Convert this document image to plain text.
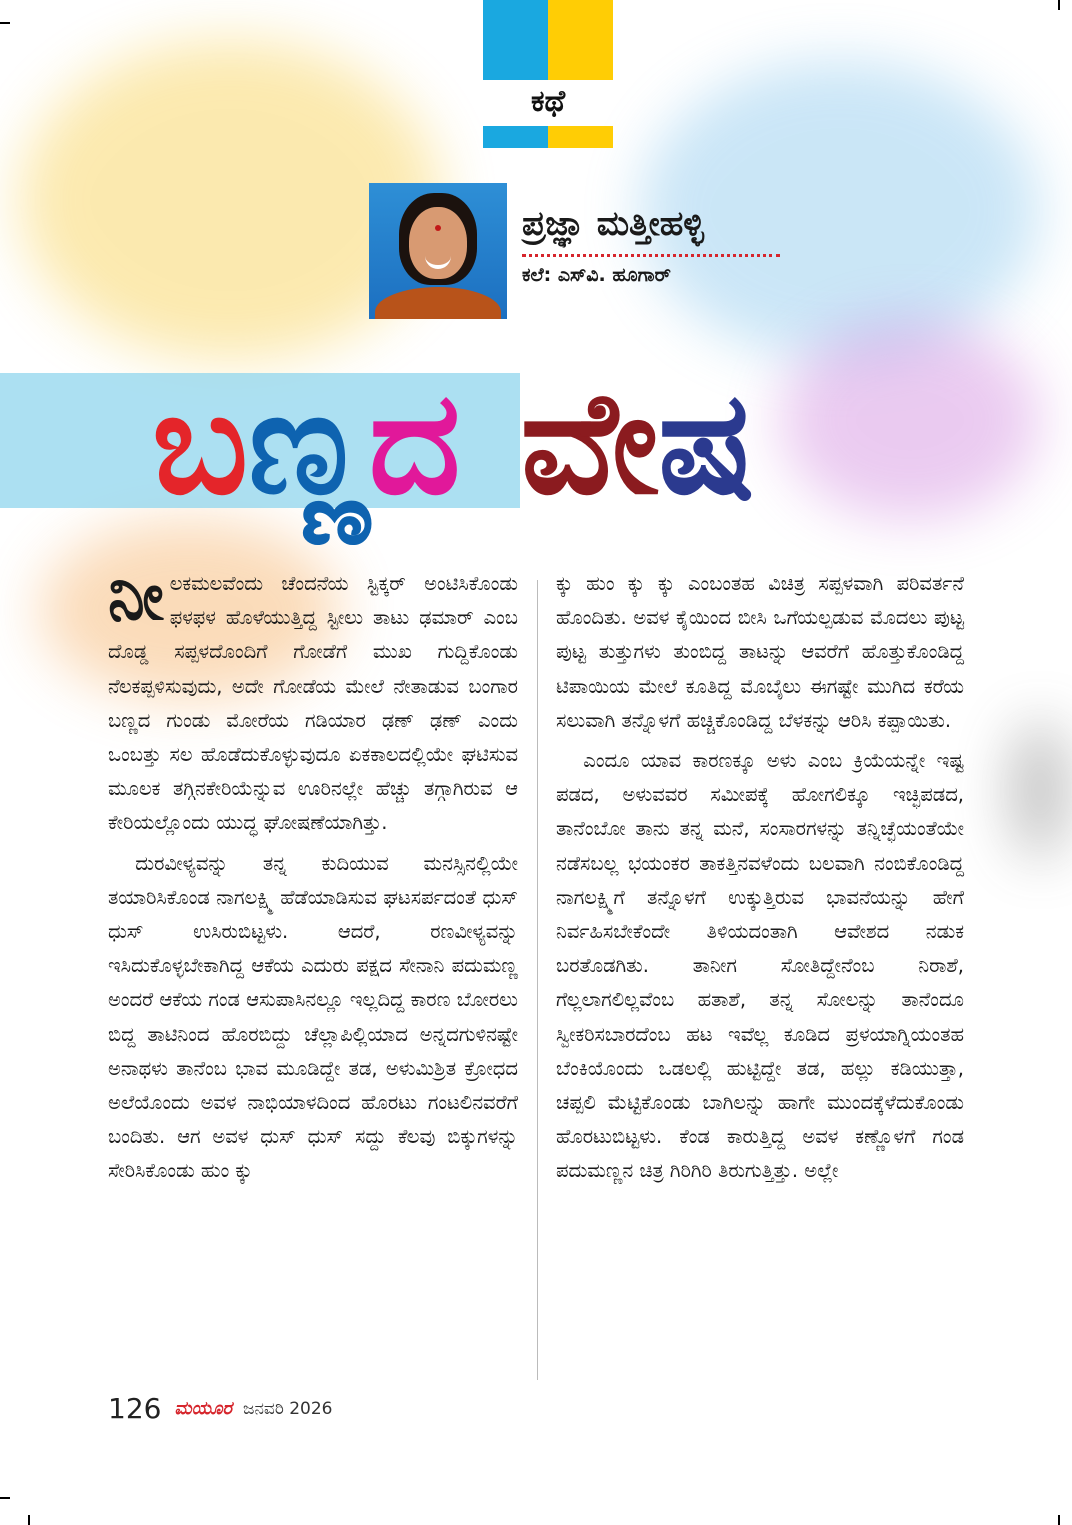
ಕಥೆ
ಪ್ರಜ್ಞಾ ಮತ್ತೀಹಳ್ಳಿ
ಕಲೆ: ಎಸ್‌ವಿ. ಹೂಗಾರ್
ಬಣ್ಣದ ವೇಷ

ನೀಲಕಮಲವೆಂದು ಚೆಂದನೆಯ ಸ್ಟಿಕ್ಕರ್ ಅಂಟಿಸಿಕೊಂಡು ಫಳಫಳ ಹೊಳೆಯುತ್ತಿದ್ದ ಸ್ಟೀಲು ತಾಟು ಢಮಾರ್ ಎಂಬ ದೊಡ್ಡ ಸಪ್ಪಳದೊಂದಿಗೆ ಗೋಡೆಗೆ ಮುಖ ಗುದ್ದಿಕೊಂಡು ನೆಲಕಪ್ಪಳಿಸುವುದು, ಅದೇ ಗೋಡೆಯ ಮೇಲೆ ನೇತಾಡುವ ಬಂಗಾರ ಬಣ್ಣದ ಗುಂಡು ಮೋರೆಯ ಗಡಿಯಾರ ಢಣ್ ಢಣ್ ಎಂದು ಒಂಬತ್ತು ಸಲ ಹೊಡೆದುಕೊಳ್ಳುವುದೂ ಏಕಕಾಲದಲ್ಲಿಯೇ ಘಟಿಸುವ ಮೂಲಕ ತಗ್ಗಿನಕೇರಿಯೆನ್ನುವ ಊರಿನಲ್ಲೇ ಹೆಚ್ಚು ತಗ್ಗಾಗಿರುವ ಆ ಕೇರಿಯಲ್ಲೊಂದು ಯುದ್ಧ ಘೋಷಣೆಯಾಗಿತ್ತು.

ದುರವೀಳ್ಯವನ್ನು ತನ್ನ ಕುದಿಯುವ ಮನಸ್ಸಿನಲ್ಲಿಯೇ ತಯಾರಿಸಿಕೊಂಡ ನಾಗಲಕ್ಷ್ಮಿ ಹೆಡೆಯಾಡಿಸುವ ಘಟಸರ್ಪದಂತೆ ಧುಸ್ ಧುಸ್ ಉಸಿರುಬಿಟ್ಟಳು. ಆದರೆ, ರಣವೀಳ್ಯವನ್ನು ಇಸಿದುಕೊಳ್ಳಬೇಕಾಗಿದ್ದ ಆಕೆಯ ಎದುರು ಪಕ್ಷದ ಸೇನಾನಿ ಪದುಮಣ್ಣ ಅಂದರೆ ಆಕೆಯ ಗಂಡ ಆಸುಪಾಸಿನಲ್ಲೂ ಇಲ್ಲದಿದ್ದ ಕಾರಣ ಬೋರಲು ಬಿದ್ದ ತಾಟಿನಿಂದ ಹೊರಬಿದ್ದು ಚೆಲ್ಲಾಪಿಲ್ಲಿಯಾದ ಅನ್ನದಗುಳಿನಷ್ಟೇ ಅನಾಥಳು ತಾನೆಂಬ ಭಾವ ಮೂಡಿದ್ದೇ ತಡ, ಅಳುಮಿಶ್ರಿತ ಕ್ರೋಧದ ಅಲೆಯೊಂದು ಅವಳ ನಾಭಿಯಾಳದಿಂದ ಹೊರಟು ಗಂಟಲಿನವರೆಗೆ ಬಂದಿತು. ಆಗ ಅವಳ ಧುಸ್ ಧುಸ್ ಸದ್ದು ಕೆಲವು ಬಿಕ್ಕುಗಳನ್ನು ಸೇರಿಸಿಕೊಂಡು ಹುಂ ಕ್ಕು

ಕ್ಕು ಹುಂ ಕ್ಕು ಕ್ಕು ಎಂಬಂತಹ ವಿಚಿತ್ರ ಸಪ್ಪಳವಾಗಿ ಪರಿವರ್ತನೆ ಹೊಂದಿತು. ಅವಳ ಕೈಯಿಂದ ಬೀಸಿ ಒಗೆಯಲ್ಪಡುವ ಮೊದಲು ಪುಟ್ಟ ಪುಟ್ಟ ತುತ್ತುಗಳು ತುಂಬಿದ್ದ ತಾಟನ್ನು ಆವರೆಗೆ ಹೊತ್ತುಕೊಂಡಿದ್ದ ಟಿಪಾಯಿಯ ಮೇಲೆ ಕೂತಿದ್ದ ಮೊಬೈಲು ಈಗಷ್ಟೇ ಮುಗಿದ ಕರೆಯ ಸಲುವಾಗಿ ತನ್ನೊಳಗೆ ಹಚ್ಚಿಕೊಂಡಿದ್ದ ಬೆಳಕನ್ನು ಆರಿಸಿ ಕಪ್ಪಾಯಿತು.

ಎಂದೂ ಯಾವ ಕಾರಣಕ್ಕೂ ಅಳು ಎಂಬ ಕ್ರಿಯೆಯನ್ನೇ ಇಷ್ಟ ಪಡದ, ಅಳುವವರ ಸಮೀಪಕ್ಕೆ ಹೋಗಲಿಕ್ಕೂ ಇಚ್ಛಿಪಡದ, ತಾನೆಂಬೋ ತಾನು ತನ್ನ ಮನೆ, ಸಂಸಾರಗಳನ್ನು ತನ್ನಿಚ್ಛೆಯಂತೆಯೇ ನಡೆಸಬಲ್ಲ ಭಯಂಕರ ತಾಕತ್ತಿನವಳೆಂದು ಬಲವಾಗಿ ನಂಬಿಕೊಂಡಿದ್ದ ನಾಗಲಕ್ಷ್ಮಿಗೆ ತನ್ನೊಳಗೆ ಉಕ್ಕುತ್ತಿರುವ ಭಾವನೆಯನ್ನು ಹೇಗೆ ನಿರ್ವಹಿಸಬೇಕೆಂದೇ ತಿಳಿಯದಂತಾಗಿ ಆವೇಶದ ನಡುಕ ಬರತೊಡಗಿತು. ತಾನೀಗ ಸೋತಿದ್ದೇನೆಂಬ ನಿರಾಶೆ, ಗೆಲ್ಲಲಾಗಲಿಲ್ಲವೆಂಬ ಹತಾಶೆ, ತನ್ನ ಸೋಲನ್ನು ತಾನೆಂದೂ ಸ್ವೀಕರಿಸಬಾರದೆಂಬ ಹಟ ಇವೆಲ್ಲ ಕೂಡಿದ ಪ್ರಳಯಾಗ್ನಿಯಂತಹ ಬೆಂಕಿಯೊಂದು ಒಡಲಲ್ಲಿ ಹುಟ್ಟಿದ್ದೇ ತಡ, ಹಲ್ಲು ಕಡಿಯುತ್ತಾ, ಚಪ್ಪಲಿ ಮೆಟ್ಟಿಕೊಂಡು ಬಾಗಿಲನ್ನು ಹಾಗೇ ಮುಂದಕ್ಕೆಳೆದುಕೊಂಡು ಹೊರಟುಬಿಟ್ಟಳು. ಕೆಂಡ ಕಾರುತ್ತಿದ್ದ ಅವಳ ಕಣ್ಣೊಳಗೆ ಗಂಡ ಪದುಮಣ್ಣನ ಚಿತ್ರ ಗಿರಿಗಿರಿ ತಿರುಗುತ್ತಿತ್ತು. ಅಲ್ಲೇ

126 ಮಯೂರ ಜನವರಿ 2026
